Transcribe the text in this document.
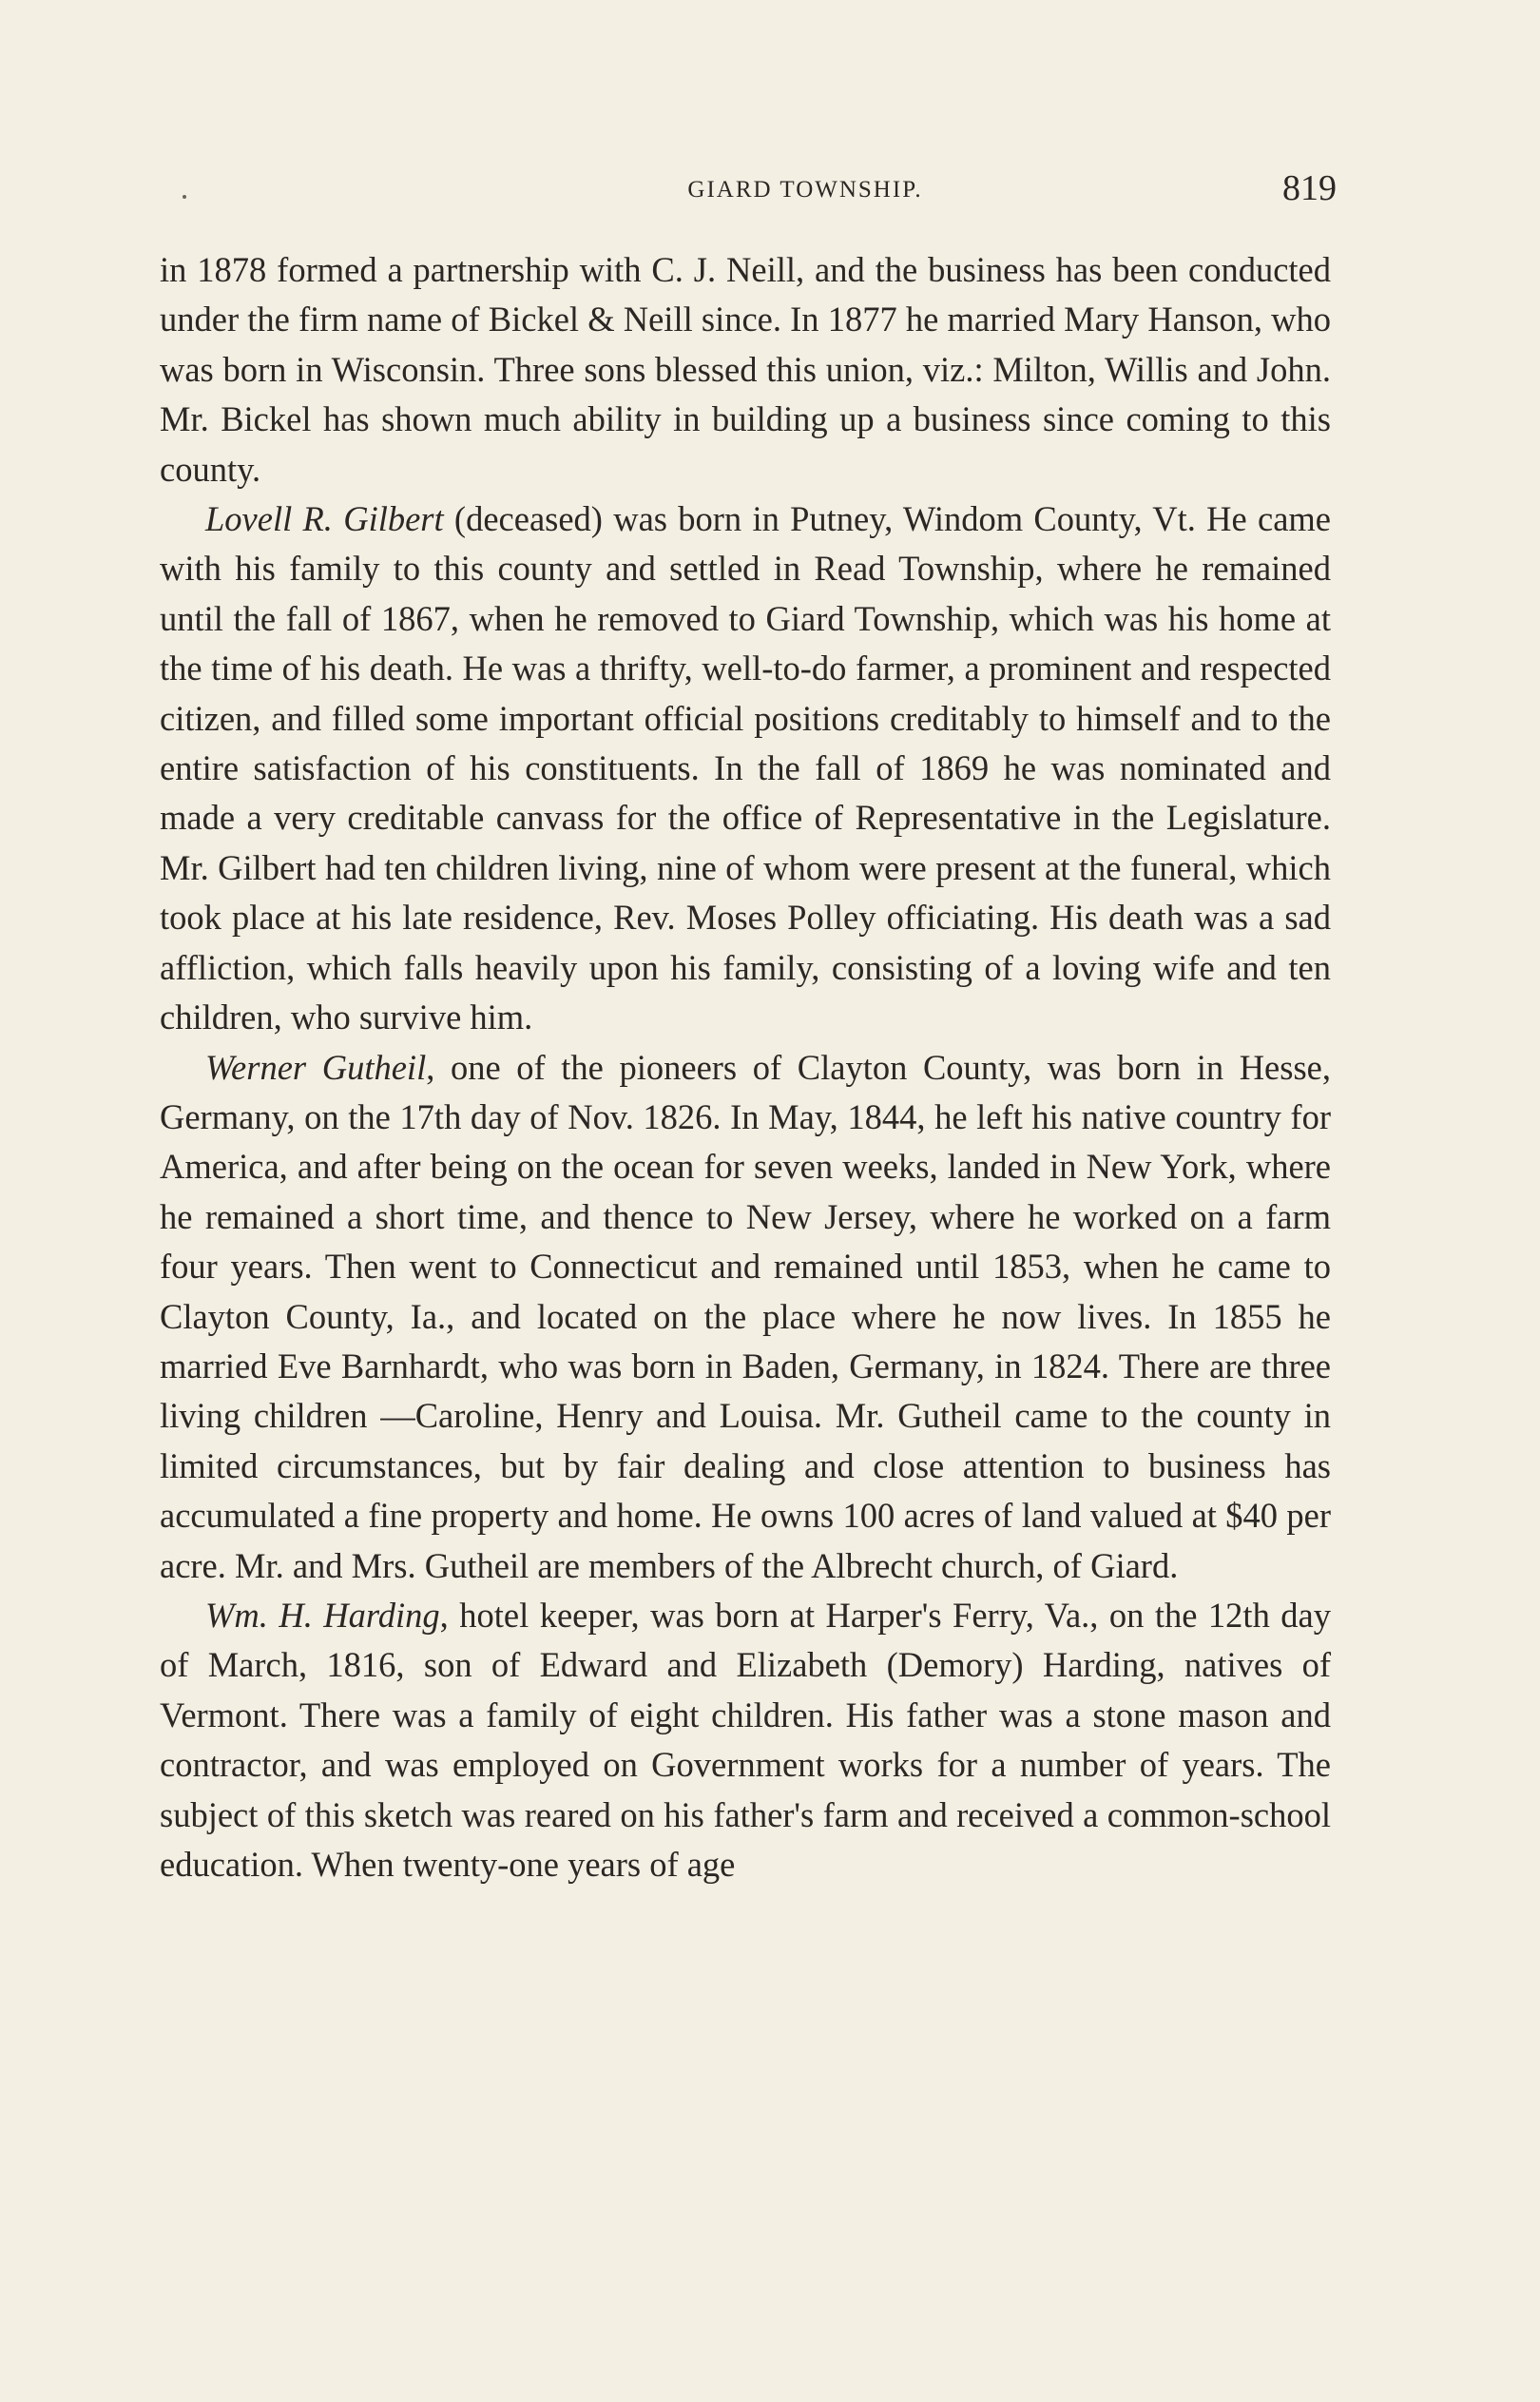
GIARD TOWNSHIP.	819

in 1878 formed a partnership with C. J. Neill, and the business has been conducted under the firm name of Bickel & Neill since. In 1877 he married Mary Hanson, who was born in Wisconsin. Three sons blessed this union, viz.: Milton, Willis and John. Mr. Bickel has shown much ability in building up a business since coming to this county.

Lovell R. Gilbert (deceased) was born in Putney, Windom County, Vt. He came with his family to this county and settled in Read Township, where he remained until the fall of 1867, when he removed to Giard Township, which was his home at the time of his death. He was a thrifty, well-to-do farmer, a prominent and respected citizen, and filled some important official positions creditably to himself and to the entire satisfaction of his constituents. In the fall of 1869 he was nominated and made a very creditable canvass for the office of Representative in the Legislature. Mr. Gilbert had ten children living, nine of whom were present at the funeral, which took place at his late residence, Rev. Moses Polley officiating. His death was a sad affliction, which falls heavily upon his family, consisting of a loving wife and ten children, who survive him.

Werner Gutheil, one of the pioneers of Clayton County, was born in Hesse, Germany, on the 17th day of Nov. 1826. In May, 1844, he left his native country for America, and after being on the ocean for seven weeks, landed in New York, where he remained a short time, and thence to New Jersey, where he worked on a farm four years. Then went to Connecticut and remained until 1853, when he came to Clayton County, Ia., and located on the place where he now lives. In 1855 he married Eve Barnhardt, who was born in Baden, Germany, in 1824. There are three living children —Caroline, Henry and Louisa. Mr. Gutheil came to the county in limited circumstances, but by fair dealing and close attention to business has accumulated a fine property and home. He owns 100 acres of land valued at $40 per acre. Mr. and Mrs. Gutheil are members of the Albrecht church, of Giard.

Wm. H. Harding, hotel keeper, was born at Harper's Ferry, Va., on the 12th day of March, 1816, son of Edward and Elizabeth (Demory) Harding, natives of Vermont. There was a family of eight children. His father was a stone mason and contractor, and was employed on Government works for a number of years. The subject of this sketch was reared on his father's farm and received a common-school education. When twenty-one years of age
